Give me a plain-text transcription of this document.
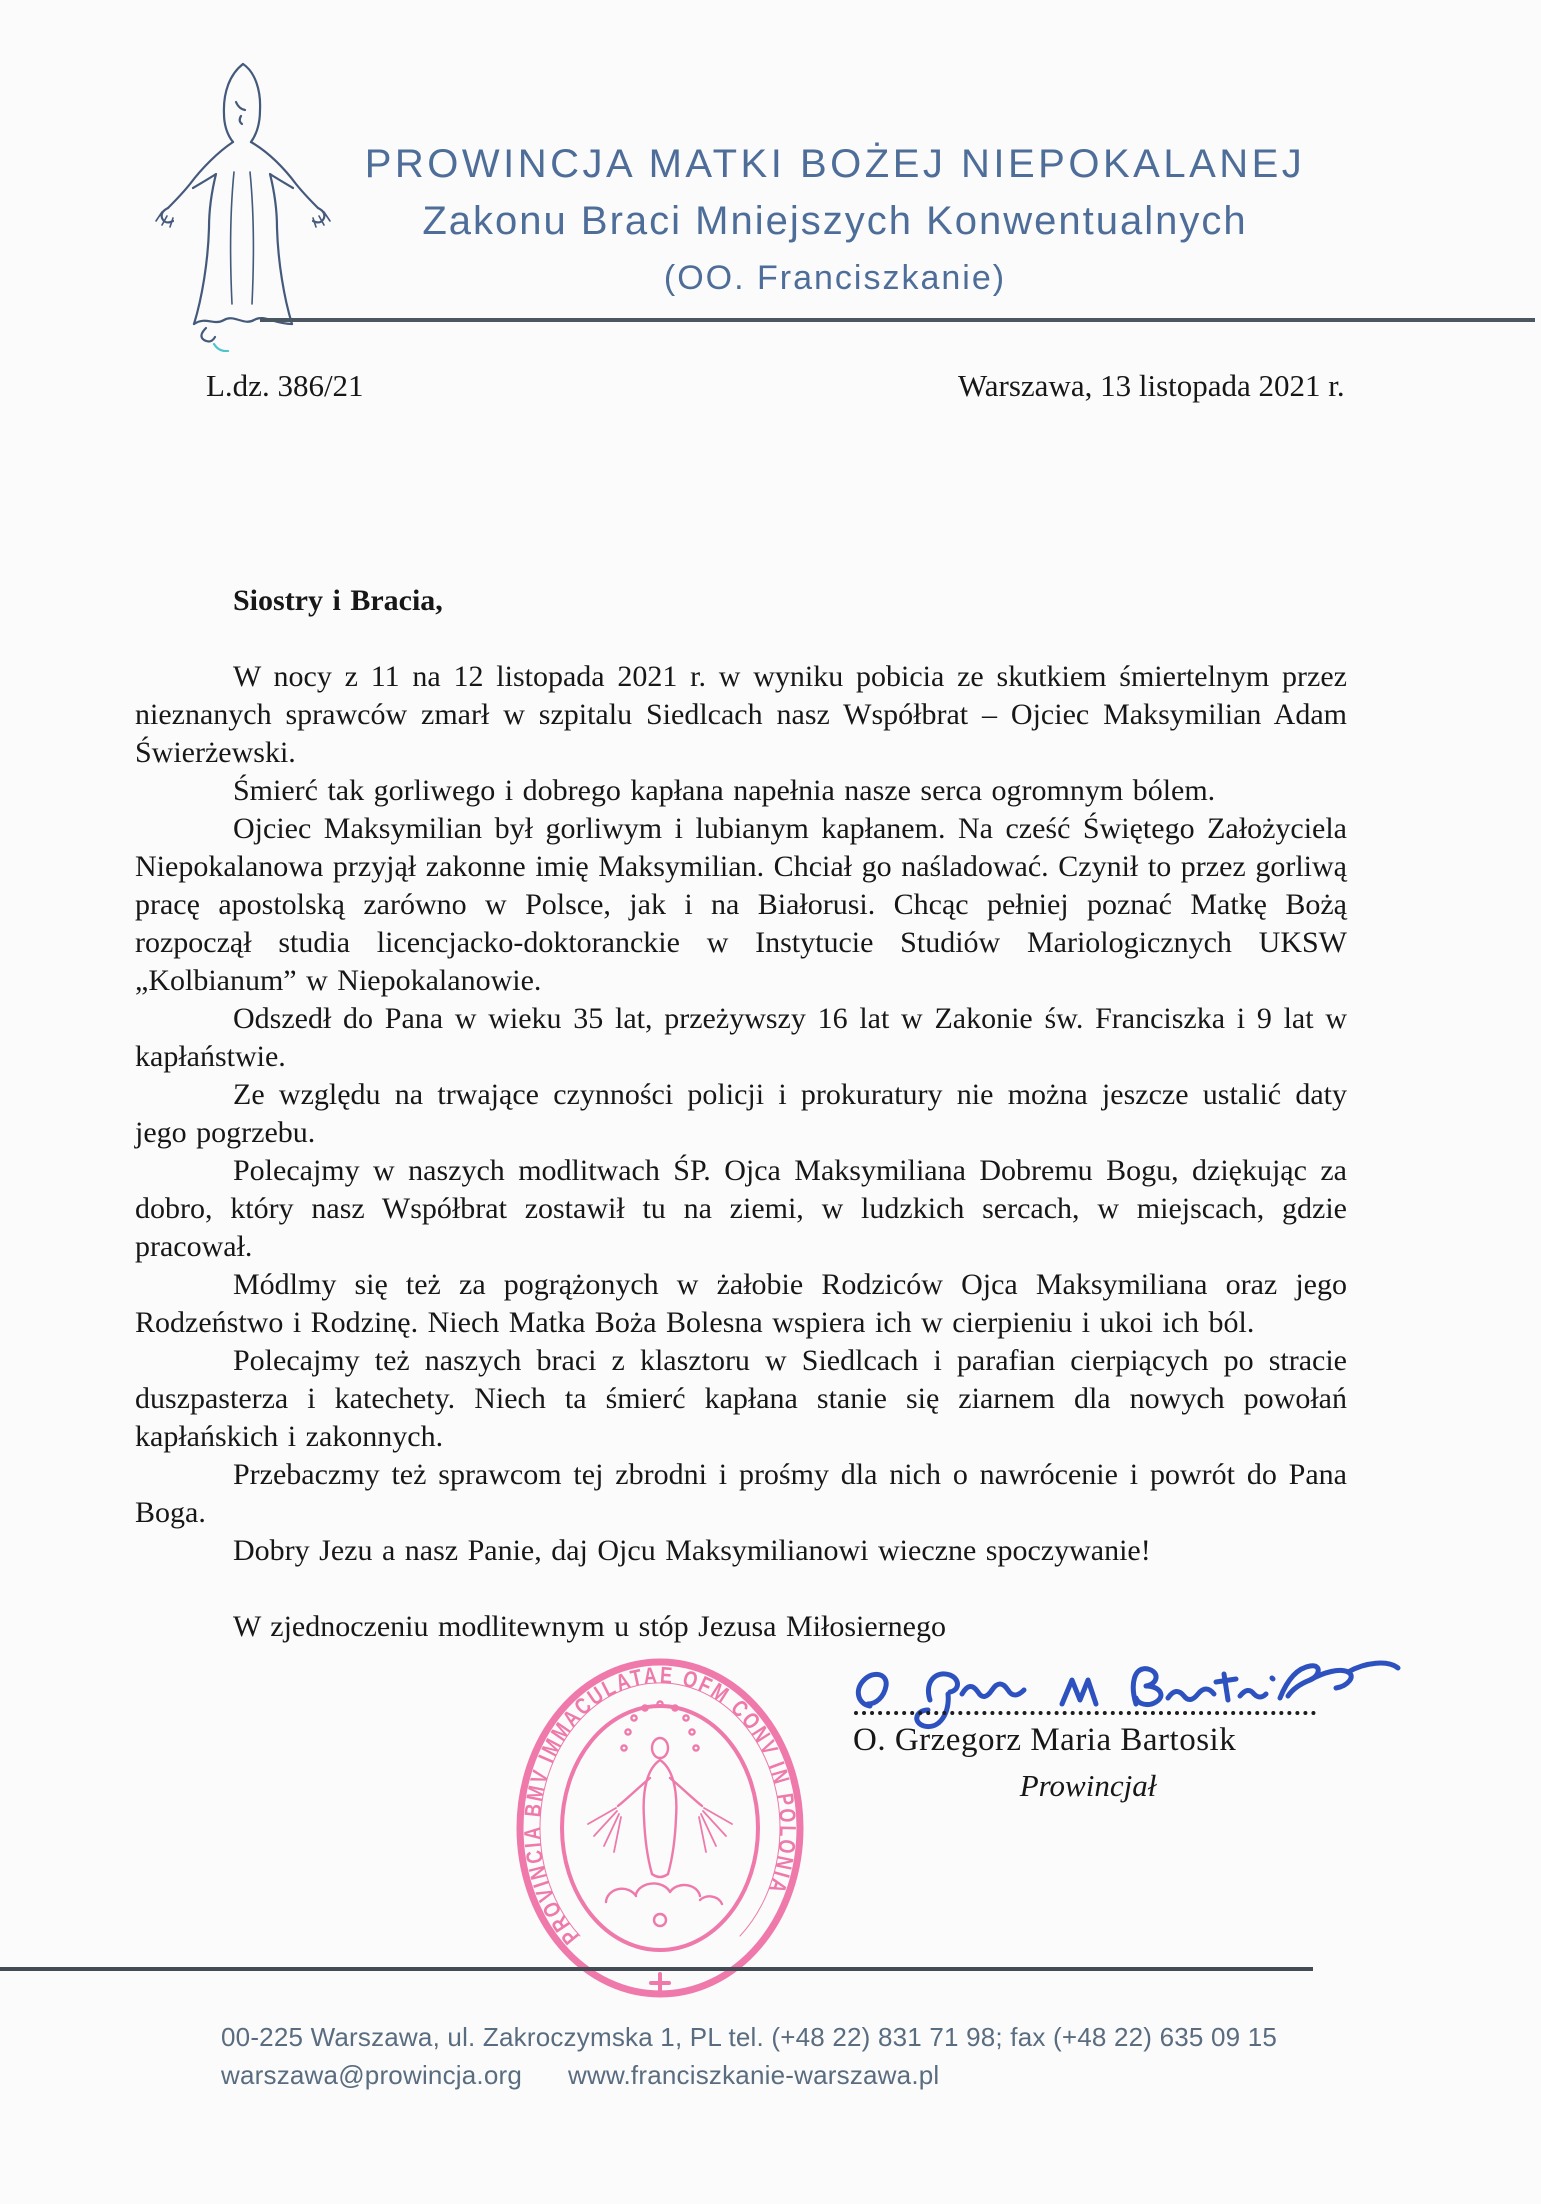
PROWINCJA MATKI BOŻEJ NIEPOKALANEJ
Zakonu Braci Mniejszych Konwentualnych
(OO. Franciszkanie)
L.dz. 386/21	Warszawa, 13 listopada 2021 r.

Siostry i Bracia,

W nocy z 11 na 12 listopada 2021 r. w wyniku pobicia ze skutkiem śmiertelnym przez nieznanych sprawców zmarł w szpitalu Siedlcach nasz Współbrat – Ojciec Maksymilian Adam Świerżewski.

Śmierć tak gorliwego i dobrego kapłana napełnia nasze serca ogromnym bólem.

Ojciec Maksymilian był gorliwym i lubianym kapłanem. Na cześć Świętego Założyciela Niepokalanowa przyjął zakonne imię Maksymilian. Chciał go naśladować. Czynił to przez gorliwą pracę apostolską zarówno w Polsce, jak i na Białorusi. Chcąc pełniej poznać Matkę Bożą rozpoczął studia licencjacko-doktoranckie w Instytucie Studiów Mariologicznych UKSW „Kolbianum” w Niepokalanowie.

Odszedł do Pana w wieku 35 lat, przeżywszy 16 lat w Zakonie św. Franciszka i 9 lat w kapłaństwie.

Ze względu na trwające czynności policji i prokuratury nie można jeszcze ustalić daty jego pogrzebu.

Polecajmy w naszych modlitwach ŚP. Ojca Maksymiliana Dobremu Bogu, dziękując za dobro, który nasz Współbrat zostawił tu na ziemi, w ludzkich sercach, w miejscach, gdzie pracował.

Módlmy się też za pogrążonych w żałobie Rodziców Ojca Maksymiliana oraz jego Rodzeństwo i Rodzinę. Niech Matka Boża Bolesna wspiera ich w cierpieniu i ukoi ich ból.

Polecajmy też naszych braci z klasztoru w Siedlcach i parafian cierpiących po stracie duszpasterza i katechety. Niech ta śmierć kapłana stanie się ziarnem dla nowych powołań kapłańskich i zakonnych.

Przebaczmy też sprawcom tej zbrodni i prośmy dla nich o nawrócenie i powrót do Pana Boga.

Dobry Jezu a nasz Panie, daj Ojcu Maksymilianowi wieczne spoczywanie!

W zjednoczeniu modlitewnym u stóp Jezusa Miłosiernego

O. Grzegorz Maria Bartosik
Prowincjał
PROVINCIA BMV IMMACULATAE OFM CONV IN POLONIA
00-225 Warszawa, ul. Zakroczymska 1, PL tel. (+48 22) 831 71 98; fax (+48 22) 635 09 15
warszawa@prowincja.org www.franciszkanie-warszawa.pl
